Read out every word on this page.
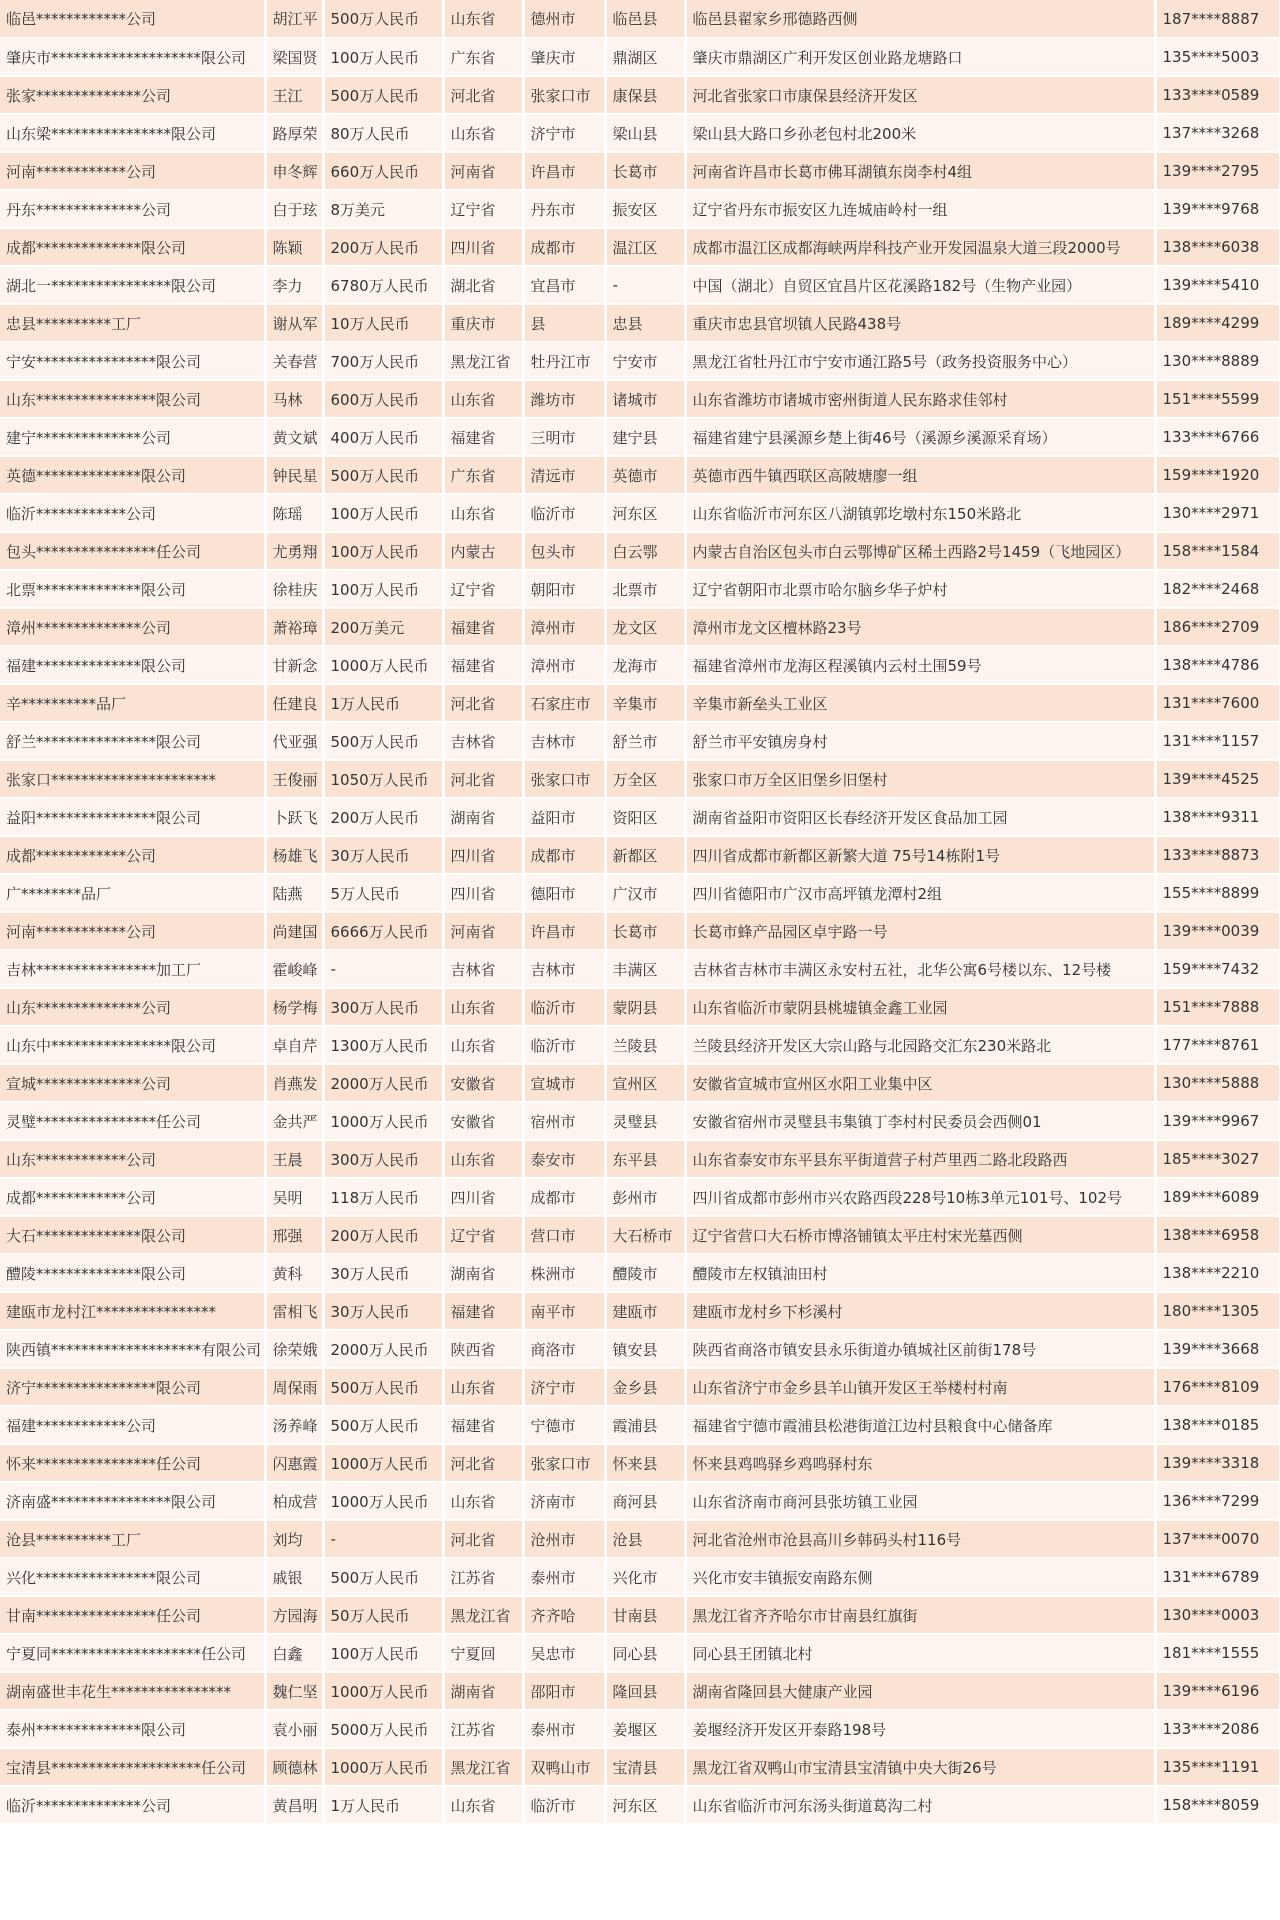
临邑************公司	胡江平	500万人民币	山东省	德州市	临邑县	临邑县翟家乡邢德路西侧	187****8887
肇庆市********************限公司	梁国贤	100万人民币	广东省	肇庆市	鼎湖区	肇庆市鼎湖区广利开发区创业路龙塘路口	135****5003
张家**************公司	王江	500万人民币	河北省	张家口市	康保县	河北省张家口市康保县经济开发区	133****0589
山东梁****************限公司	路厚荣	80万人民币	山东省	济宁市	梁山县	梁山县大路口乡孙老包村北200米	137****3268
河南************公司	申冬辉	660万人民币	河南省	许昌市	长葛市	河南省许昌市长葛市佛耳湖镇东岗李村4组	139****2795
丹东**************公司	白于玹	8万美元	辽宁省	丹东市	振安区	辽宁省丹东市振安区九连城庙岭村一组	139****9768
成都**************限公司	陈颖	200万人民币	四川省	成都市	温江区	成都市温江区成都海峡两岸科技产业开发园温泉大道三段2000号	138****6038
湖北一****************限公司	李力	6780万人民币	湖北省	宜昌市	-	中国（湖北）自贸区宜昌片区花溪路182号（生物产业园）	139****5410
忠县**********工厂	谢从军	10万人民币	重庆市	县	忠县	重庆市忠县官坝镇人民路438号	189****4299
宁安****************限公司	关春营	700万人民币	黑龙江省	牡丹江市	宁安市	黑龙江省牡丹江市宁安市通江路5号（政务投资服务中心）	130****8889
山东****************限公司	马林	600万人民币	山东省	潍坊市	诸城市	山东省潍坊市诸城市密州街道人民东路求佳邻村	151****5599
建宁**************公司	黄文斌	400万人民币	福建省	三明市	建宁县	福建省建宁县溪源乡楚上街46号（溪源乡溪源采育场）	133****6766
英德**************限公司	钟民星	500万人民币	广东省	清远市	英德市	英德市西牛镇西联区高陂塘廖一组	159****1920
临沂************公司	陈瑶	100万人民币	山东省	临沂市	河东区	山东省临沂市河东区八湖镇郭圪墩村东150米路北	130****2971
包头****************任公司	尤勇翔	100万人民币	内蒙古	包头市	白云鄂	内蒙古自治区包头市白云鄂博矿区稀土西路2号1459（飞地园区）	158****1584
北票**************限公司	徐桂庆	100万人民币	辽宁省	朝阳市	北票市	辽宁省朝阳市北票市哈尔脑乡华子炉村	182****2468
漳州**************公司	萧裕璋	200万美元	福建省	漳州市	龙文区	漳州市龙文区檀林路23号	186****2709
福建**************限公司	甘新念	1000万人民币	福建省	漳州市	龙海市	福建省漳州市龙海区程溪镇内云村土围59号	138****4786
辛**********品厂	任建良	1万人民币	河北省	石家庄市	辛集市	辛集市新垒头工业区	131****7600
舒兰****************限公司	代亚强	500万人民币	吉林省	吉林市	舒兰市	舒兰市平安镇房身村	131****1157
张家口**********************	王俊丽	1050万人民币	河北省	张家口市	万全区	张家口市万全区旧堡乡旧堡村	139****4525
益阳****************限公司	卜跃飞	200万人民币	湖南省	益阳市	资阳区	湖南省益阳市资阳区长春经济开发区食品加工园	138****9311
成都************公司	杨雄飞	30万人民币	四川省	成都市	新都区	四川省成都市新都区新繁大道 75号14栋附1号	133****8873
广********品厂	陆燕	5万人民币	四川省	德阳市	广汉市	四川省德阳市广汉市高坪镇龙潭村2组	155****8899
河南************公司	尚建国	6666万人民币	河南省	许昌市	长葛市	长葛市蜂产品园区卓宇路一号	139****0039
吉林****************加工厂	霍峻峰	-	吉林省	吉林市	丰满区	吉林省吉林市丰满区永安村五社，北华公寓6号楼以东、12号楼	159****7432
山东**************公司	杨学梅	300万人民币	山东省	临沂市	蒙阴县	山东省临沂市蒙阴县桃墟镇金鑫工业园	151****7888
山东中****************限公司	卓自芹	1300万人民币	山东省	临沂市	兰陵县	兰陵县经济开发区大宗山路与北园路交汇东230米路北	177****8761
宣城**************公司	肖燕发	2000万人民币	安徽省	宣城市	宣州区	安徽省宣城市宣州区水阳工业集中区	130****5888
灵璧****************任公司	金共严	1000万人民币	安徽省	宿州市	灵璧县	安徽省宿州市灵璧县韦集镇丁李村村民委员会西侧01	139****9967
山东************公司	王晨	300万人民币	山东省	泰安市	东平县	山东省泰安市东平县东平街道营子村芦里西二路北段路西	185****3027
成都************公司	吴明	118万人民币	四川省	成都市	彭州市	四川省成都市彭州市兴农路西段228号10栋3单元101号、102号	189****6089
大石**************限公司	邢强	200万人民币	辽宁省	营口市	大石桥市	辽宁省营口大石桥市博洛铺镇太平庄村宋光墓西侧	138****6958
醴陵**************限公司	黄科	30万人民币	湖南省	株洲市	醴陵市	醴陵市左权镇油田村	138****2210
建瓯市龙村江****************	雷相飞	30万人民币	福建省	南平市	建瓯市	建瓯市龙村乡下杉溪村	180****1305
陕西镇********************有限公司	徐荣娥	2000万人民币	陕西省	商洛市	镇安县	陕西省商洛市镇安县永乐街道办镇城社区前街178号	139****3668
济宁****************限公司	周保雨	500万人民币	山东省	济宁市	金乡县	山东省济宁市金乡县羊山镇开发区王举楼村村南	176****8109
福建************公司	汤养峰	500万人民币	福建省	宁德市	霞浦县	福建省宁德市霞浦县松港街道江边村县粮食中心储备库	138****0185
怀来****************任公司	闪惠霞	1000万人民币	河北省	张家口市	怀来县	怀来县鸡鸣驿乡鸡鸣驿村东	139****3318
济南盛****************限公司	柏成营	1000万人民币	山东省	济南市	商河县	山东省济南市商河县张坊镇工业园	136****7299
沧县**********工厂	刘均	-	河北省	沧州市	沧县	河北省沧州市沧县高川乡韩码头村116号	137****0070
兴化****************限公司	戚银	500万人民币	江苏省	泰州市	兴化市	兴化市安丰镇振安南路东侧	131****6789
甘南****************任公司	方园海	50万人民币	黑龙江省	齐齐哈	甘南县	黑龙江省齐齐哈尔市甘南县红旗街	130****0003
宁夏同********************任公司	白鑫	100万人民币	宁夏回	吴忠市	同心县	同心县王团镇北村	181****1555
湖南盛世丰花生****************	魏仁坚	1000万人民币	湖南省	邵阳市	隆回县	湖南省隆回县大健康产业园	139****6196
泰州**************限公司	袁小丽	5000万人民币	江苏省	泰州市	姜堰区	姜堰经济开发区开泰路198号	133****2086
宝清县********************任公司	顾德林	1000万人民币	黑龙江省	双鸭山市	宝清县	黑龙江省双鸭山市宝清县宝清镇中央大街26号	135****1191
临沂**************公司	黄昌明	1万人民币	山东省	临沂市	河东区	山东省临沂市河东汤头街道葛沟二村	158****8059
